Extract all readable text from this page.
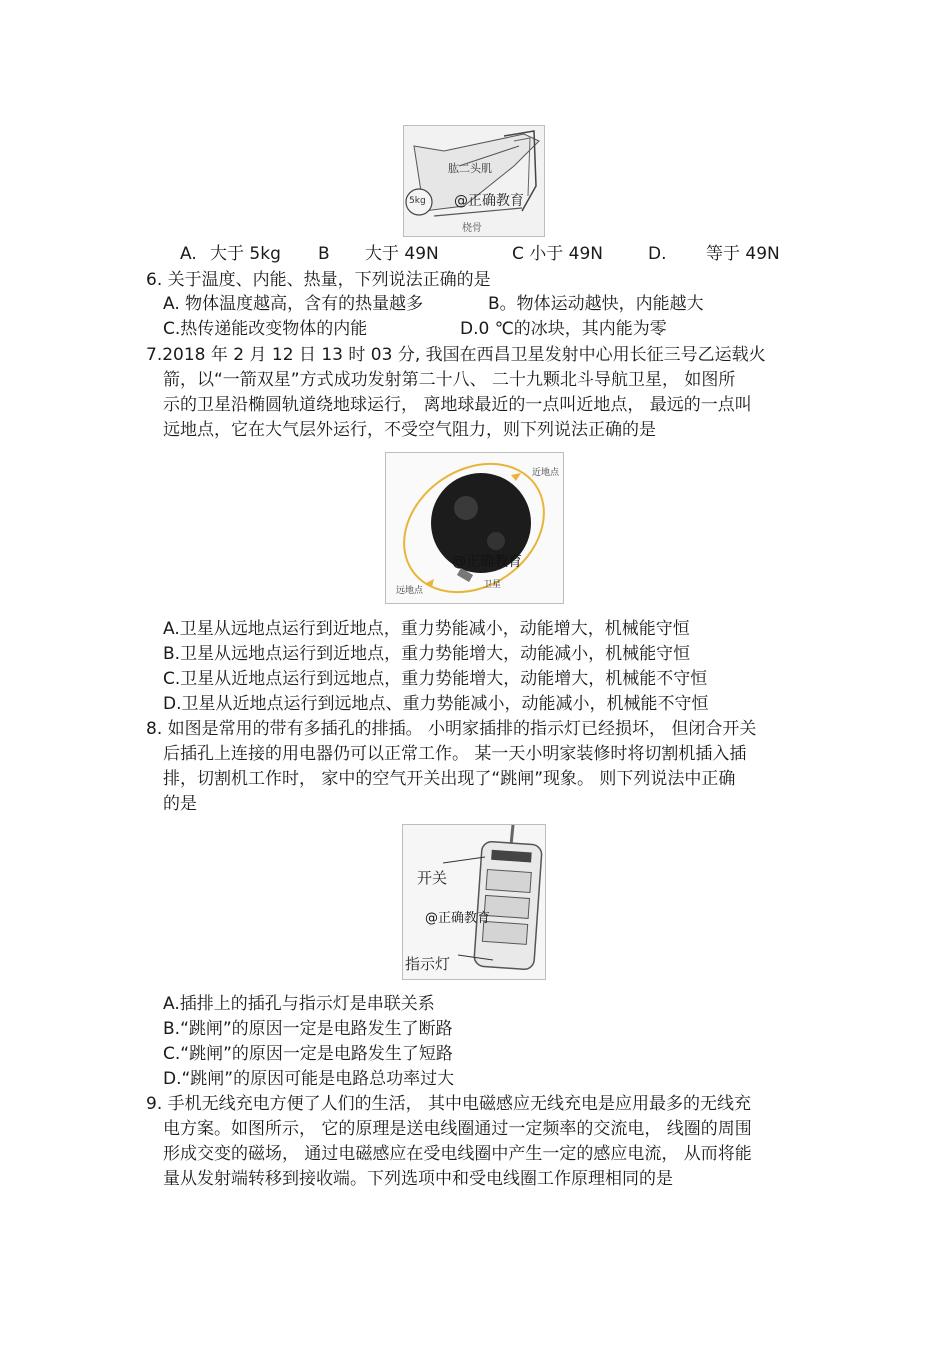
肱二头肌
5kg @正确教育
桡骨
A. 大于 5kg B 大于 49N	C 小于 49N	D. 等于 49N
6. 关于温度、内能、热量，下列说法正确的是
A. 物体温度越高，含有的热量越多	B。物体运动越快，内能越大
C.热传递能改变物体的内能	D.0 ℃的冰块，其内能为零
7.2018 年 2 月 12 日 13 时 03 分, 我国在西昌卫星发射中心用长征三号乙运载火
箭，以“一箭双星”方式成功发射第二十八、 二十九颗北斗导航卫星， 如图所
示的卫星沿椭圆轨道绕地球运行， 离地球最近的一点叫近地点， 最远的一点叫
远地点，它在大气层外运行，不受空气阻力，则下列说法正确的是
近地点
@正确教育
卫星
远地点
A.卫星从远地点运行到近地点，重力势能减小，动能增大，机械能守恒
B.卫星从远地点运行到近地点，重力势能增大，动能减小，机械能守恒
C.卫星从近地点运行到远地点，重力势能增大，动能增大，机械能不守恒
D.卫星从近地点运行到远地点、重力势能减小，动能减小，机械能不守恒
8. 如图是常用的带有多插孔的排插。 小明家插排的指示灯已经损坏， 但闭合开关
后插孔上连接的用电器仍可以正常工作。 某一天小明家装修时将切割机插入插
排，切割机工作时， 家中的空气开关出现了“跳闸”现象。 则下列说法中正确
的是
开关
@正确教育
指示灯
A.插排上的插孔与指示灯是串联关系
B.“跳闸”的原因一定是电路发生了断路
C.“跳闸”的原因一定是电路发生了短路
D.“跳闸”的原因可能是电路总功率过大
9. 手机无线充电方便了人们的生活， 其中电磁感应无线充电是应用最多的无线充
电方案。如图所示， 它的原理是送电线圈通过一定频率的交流电， 线圈的周围
形成交变的磁场， 通过电磁感应在受电线圈中产生一定的感应电流， 从而将能
量从发射端转移到接收端。下列选项中和受电线圈工作原理相同的是
